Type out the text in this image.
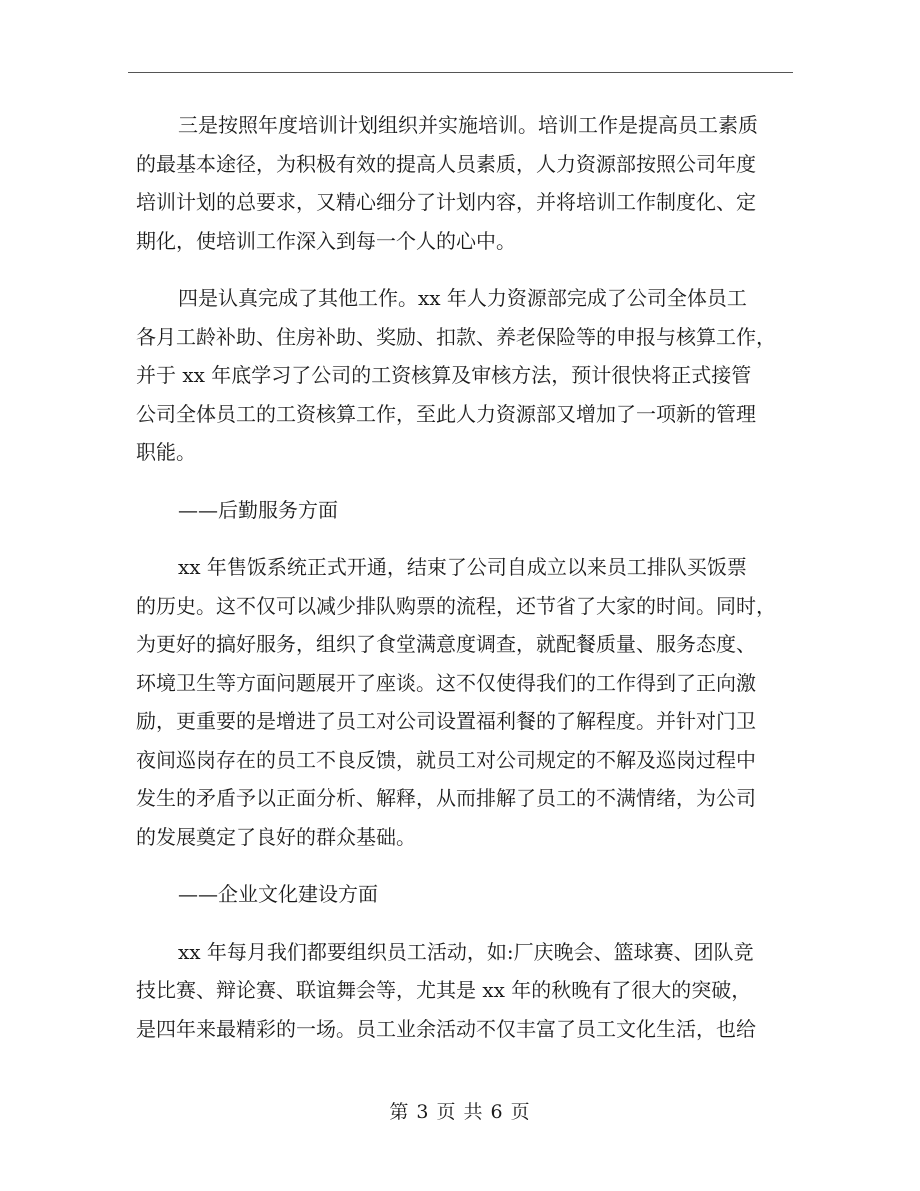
三是按照年度培训计划组织并实施培训。培训工作是提高员工素质
的最基本途径，为积极有效的提高人员素质，人力资源部按照公司年度
培训计划的总要求，又精心细分了计划内容，并将培训工作制度化、定
期化，使培训工作深入到每一个人的心中。
四是认真完成了其他工作。xx 年人力资源部完成了公司全体员工
各月工龄补助、住房补助、奖励、扣款、养老保险等的申报与核算工作，
并于 xx 年底学习了公司的工资核算及审核方法，预计很快将正式接管
公司全体员工的工资核算工作，至此人力资源部又增加了一项新的管理
职能。
——后勤服务方面
xx 年售饭系统正式开通，结束了公司自成立以来员工排队买饭票
的历史。这不仅可以减少排队购票的流程，还节省了大家的时间。同时，
为更好的搞好服务，组织了食堂满意度调查，就配餐质量、服务态度、
环境卫生等方面问题展开了座谈。这不仅使得我们的工作得到了正向激
励，更重要的是增进了员工对公司设置福利餐的了解程度。并针对门卫
夜间巡岗存在的员工不良反馈，就员工对公司规定的不解及巡岗过程中
发生的矛盾予以正面分析、解释，从而排解了员工的不满情绪，为公司
的发展奠定了良好的群众基础。
——企业文化建设方面
xx 年每月我们都要组织员工活动，如:厂庆晚会、篮球赛、团队竞
技比赛、辩论赛、联谊舞会等，尤其是 xx 年的秋晚有了很大的突破，
是四年来最精彩的一场。员工业余活动不仅丰富了员工文化生活，也给
第 3 页 共 6 页
